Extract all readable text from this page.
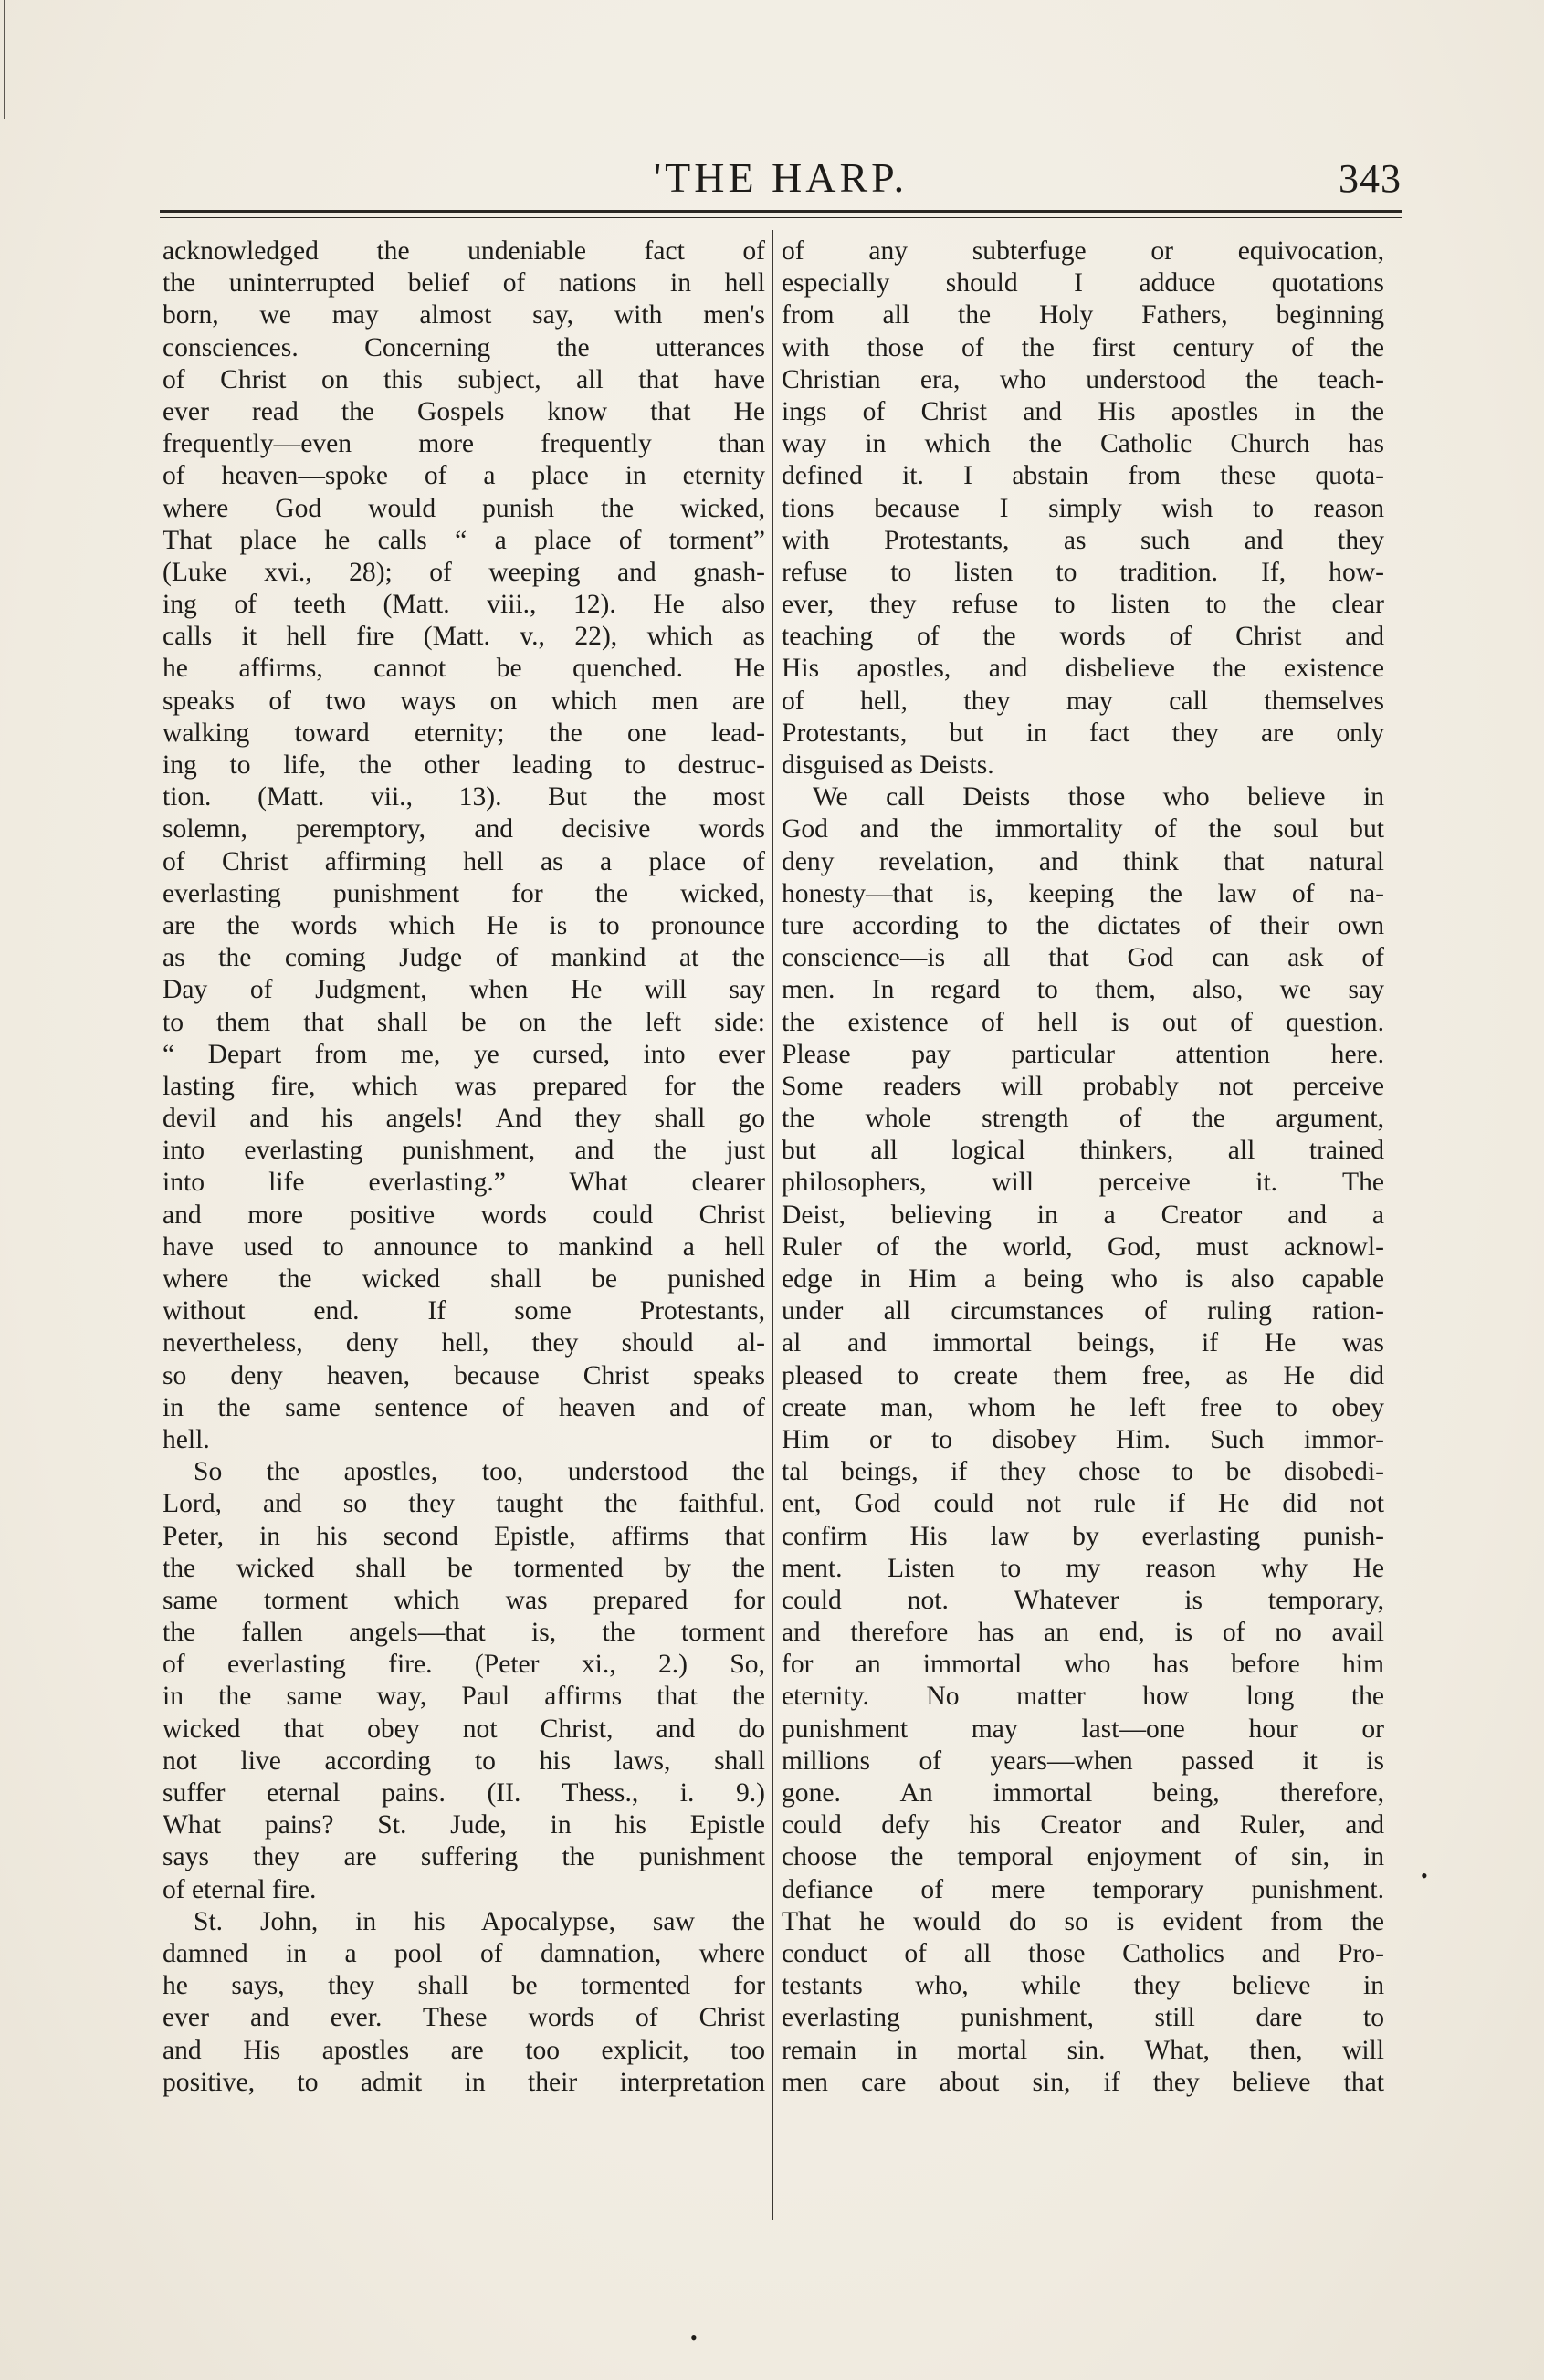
'THE HARP.	343
acknowledged the undeniable fact of
the uninterrupted belief of nations in hell
born, we may almost say, with men's
consciences. Concerning the utterances
of Christ on this subject, all that have
ever read the Gospels know that He
frequently—even more frequently than
of heaven—spoke of a place in eternity
where God would punish the wicked,
That place he calls “ a place of torment”
(Luke xvi., 28); of weeping and gnash-
ing of teeth (Matt. viii., 12). He also
calls it hell fire (Matt. v., 22), which as
he affirms, cannot be quenched. He
speaks of two ways on which men are
walking toward eternity; the one lead-
ing to life, the other leading to destruc-
tion. (Matt. vii., 13). But the most
solemn, peremptory, and decisive words
of Christ affirming hell as a place of
everlasting punishment for the wicked,
are the words which He is to pronounce
as the coming Judge of mankind at the
Day of Judgment, when He will say
to them that shall be on the left side:
“ Depart from me, ye cursed, into ever
lasting fire, which was prepared for the
devil and his angels! And they shall go
into everlasting punishment, and the just
into life everlasting.” What clearer
and more positive words could Christ
have used to announce to mankind a hell
where the wicked shall be punished
without end. If some Protestants,
nevertheless, deny hell, they should al-
so deny heaven, because Christ speaks
in the same sentence of heaven and of
hell.
So the apostles, too, understood the
Lord, and so they taught the faithful.
Peter, in his second Epistle, affirms that
the wicked shall be tormented by the
same torment which was prepared for
the fallen angels—that is, the torment
of everlasting fire. (Peter xi., 2.) So,
in the same way, Paul affirms that the
wicked that obey not Christ, and do
not live according to his laws, shall
suffer eternal pains. (II. Thess., i. 9.)
What pains? St. Jude, in his Epistle
says they are suffering the punishment
of eternal fire.
St. John, in his Apocalypse, saw the
damned in a pool of damnation, where
he says, they shall be tormented for
ever and ever. These words of Christ
and His apostles are too explicit, too
positive, to admit in their interpretation
of any subterfuge or equivocation,
especially should I adduce quotations
from all the Holy Fathers, beginning
with those of the first century of the
Christian era, who understood the teach-
ings of Christ and His apostles in the
way in which the Catholic Church has
defined it. I abstain from these quota-
tions because I simply wish to reason
with Protestants, as such and they
refuse to listen to tradition. If, how-
ever, they refuse to listen to the clear
teaching of the words of Christ and
His apostles, and disbelieve the existence
of hell, they may call themselves
Protestants, but in fact they are only
disguised as Deists.
We call Deists those who believe in
God and the immortality of the soul but
deny revelation, and think that natural
honesty—that is, keeping the law of na-
ture according to the dictates of their own
conscience—is all that God can ask of
men. In regard to them, also, we say
the existence of hell is out of question.
Please pay particular attention here.
Some readers will probably not perceive
the whole strength of the argument,
but all logical thinkers, all trained
philosophers, will perceive it. The
Deist, believing in a Creator and a
Ruler of the world, God, must acknowl-
edge in Him a being who is also capable
under all circumstances of ruling ration-
al and immortal beings, if He was
pleased to create them free, as He did
create man, whom he left free to obey
Him or to disobey Him. Such immor-
tal beings, if they chose to be disobedi-
ent, God could not rule if He did not
confirm His law by everlasting punish-
ment. Listen to my reason why He
could not. Whatever is temporary,
and therefore has an end, is of no avail
for an immortal who has before him
eternity. No matter how long the
punishment may last—one hour or
millions of years—when passed it is
gone. An immortal being, therefore,
could defy his Creator and Ruler, and
choose the temporal enjoyment of sin, in
defiance of mere temporary punishment.
That he would do so is evident from the
conduct of all those Catholics and Pro-
testants who, while they believe in
everlasting punishment, still dare to
remain in mortal sin. What, then, will
men care about sin, if they believe that
•
•
